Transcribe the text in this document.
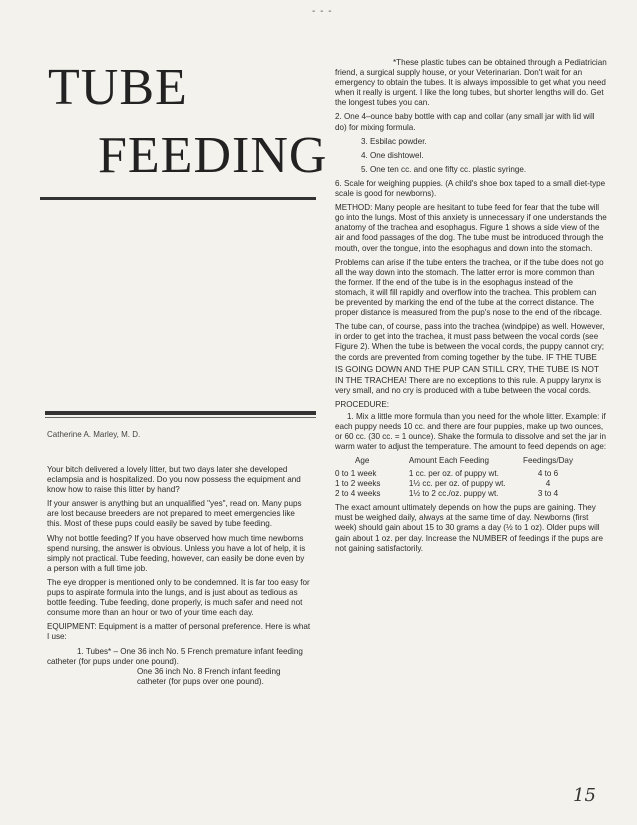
- - -
TUBE
FEEDING
Catherine A. Marley, M. D.

Your bitch delivered a lovely litter, but two days later she developed eclampsia and is hospitalized. Do you now possess the equipment and know how to raise this litter by hand?

If your answer is anything but an unqualified "yes", read on. Many pups are lost because breeders are not prepared to meet emergencies like this. Most of these pups could easily be saved by tube feeding.

Why not bottle feeding? If you have observed how much time newborns spend nursing, the answer is obvious. Unless you have a lot of help, it is simply not practical. Tube feeding, however, can easily be done even by a person with a full time job.

The eye dropper is mentioned only to be condemned. It is far too easy for pups to aspirate formula into the lungs, and is just about as tedious as bottle feeding. Tube feeding, done properly, is much safer and need not consume more than an hour or two of your time each day.

EQUIPMENT: Equipment is a matter of personal preference. Here is what I use:

1. Tubes* – One 36 inch No. 5 French premature infant feeding catheter (for pups under one pound).

One 36 inch No. 8 French infant feeding catheter (for pups over one pound).

*These plastic tubes can be obtained through a Pediatrician friend, a surgical supply house, or your Veterinarian. Don't wait for an emergency to obtain the tubes. It is always impossible to get what you need when it really is urgent. I like the long tubes, but shorter lengths will do. Get the longest tubes you can.

2. One 4–ounce baby bottle with cap and collar (any small jar with lid will do) for mixing formula.

3. Esbilac powder.

4. One dishtowel.

5. One ten cc. and one fifty cc. plastic syringe.

6. Scale for weighing puppies. (A child's shoe box taped to a small diet-type scale is good for newborns).

METHOD: Many people are hesitant to tube feed for fear that the tube will go into the lungs. Most of this anxiety is unnecessary if one understands the anatomy of the trachea and esophagus. Figure 1 shows a side view of the air and food passages of the dog. The tube must be introduced through the mouth, over the tongue, into the esophagus and down into the stomach.

Problems can arise if the tube enters the trachea, or if the tube does not go all the way down into the stomach. The latter error is more common than the former. If the end of the tube is in the esophagus instead of the stomach, it will fill rapidly and overflow into the trachea. This problem can be prevented by marking the end of the tube at the correct distance. The proper distance is measured from the pup's nose to the end of the ribcage.

The tube can, of course, pass into the trachea (windpipe) as well. However, in order to get into the trachea, it must pass between the vocal cords (see Figure 2). When the tube is between the vocal cords, the puppy cannot cry; the cords are prevented from coming together by the tube. IF THE TUBE IS GOING DOWN AND THE PUP CAN STILL CRY, THE TUBE IS NOT IN THE TRACHEA! There are no exceptions to this rule. A puppy larynx is very small, and no cry is produced with a tube between the vocal cords.

PROCEDURE:

1. Mix a little more formula than you need for the whole litter. Example: if each puppy needs 10 cc. and there are four puppies, make up two ounces, or 60 cc. (30 cc. = 1 ounce). Shake the formula to dissolve and set the jar in warm water to adjust the temperature. The amount to feed depends on age:

Age	Amount Each Feeding	Feedings/Day
0 to 1 week	1 cc. per oz. of puppy wt.	4 to 6
1 to 2 weeks	1½ cc. per oz. of puppy wt.	4
2 to 4 weeks	1½ to 2 cc./oz. puppy wt.	3 to 4

The exact amount ultimately depends on how the pups are gaining. They must be weighed daily, always at the same time of day. Newborns (first week) should gain about 15 to 30 grams a day (½ to 1 oz). Older pups will gain about 1 oz. per day. Increase the NUMBER of feedings if the pups are not gaining satisfactorily.

15
